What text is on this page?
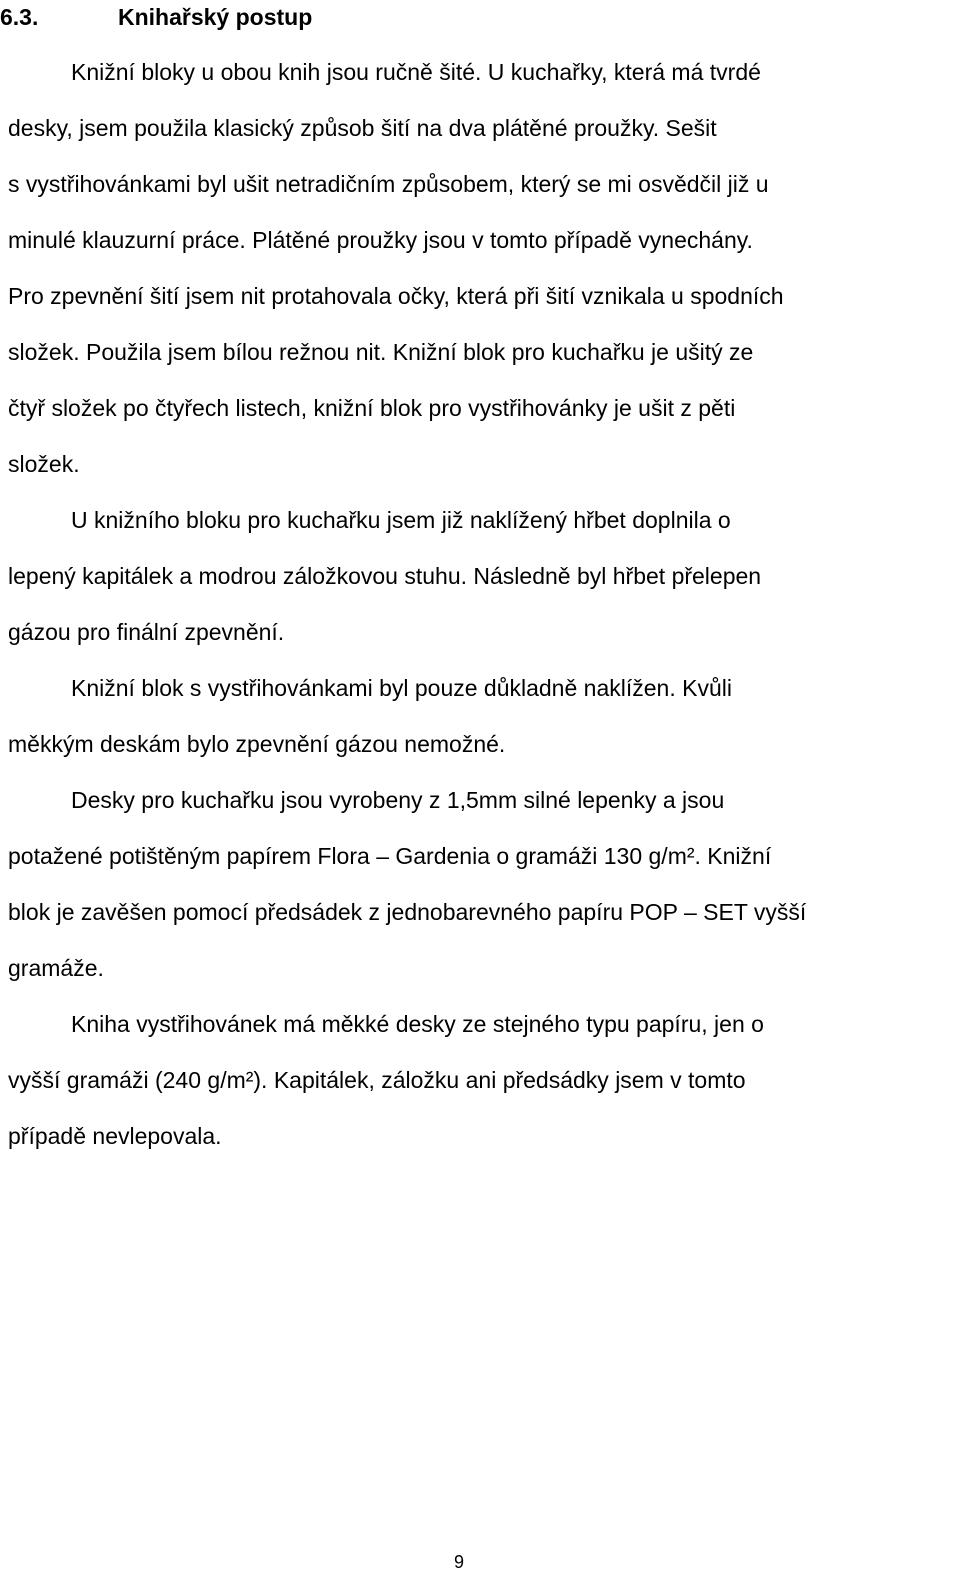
6.3.	Knihařský postup

Knižní bloky u obou knih jsou ručně šité. U kuchařky, která má tvrdé

desky, jsem použila klasický způsob šití na dva plátěné proužky. Sešit

s vystřihovánkami byl ušit netradičním způsobem, který se mi osvědčil již u

minulé klauzurní práce. Plátěné proužky jsou v tomto případě vynechány.

Pro zpevnění šití jsem nit protahovala očky, která při šití vznikala u spodních

složek. Použila jsem bílou režnou nit. Knižní blok pro kuchařku je ušitý ze

čtyř složek po čtyřech listech, knižní blok pro vystřihovánky je ušit z pěti

složek.

U knižního bloku pro kuchařku jsem již naklížený hřbet doplnila o

lepený kapitálek a modrou záložkovou stuhu. Následně byl hřbet přelepen

gázou pro finální zpevnění.

Knižní blok s vystřihovánkami byl pouze důkladně naklížen. Kvůli

měkkým deskám bylo zpevnění gázou nemožné.

Desky pro kuchařku jsou vyrobeny z 1,5mm silné lepenky a jsou

potažené potištěným papírem Flora – Gardenia o gramáži 130 g/m². Knižní

blok je zavěšen pomocí předsádek z jednobarevného papíru POP – SET vyšší

gramáže.

Kniha vystřihovánek má měkké desky ze stejného typu papíru, jen o

vyšší gramáži (240 g/m²). Kapitálek, záložku ani předsádky jsem v tomto

případě nevlepovala.

9
